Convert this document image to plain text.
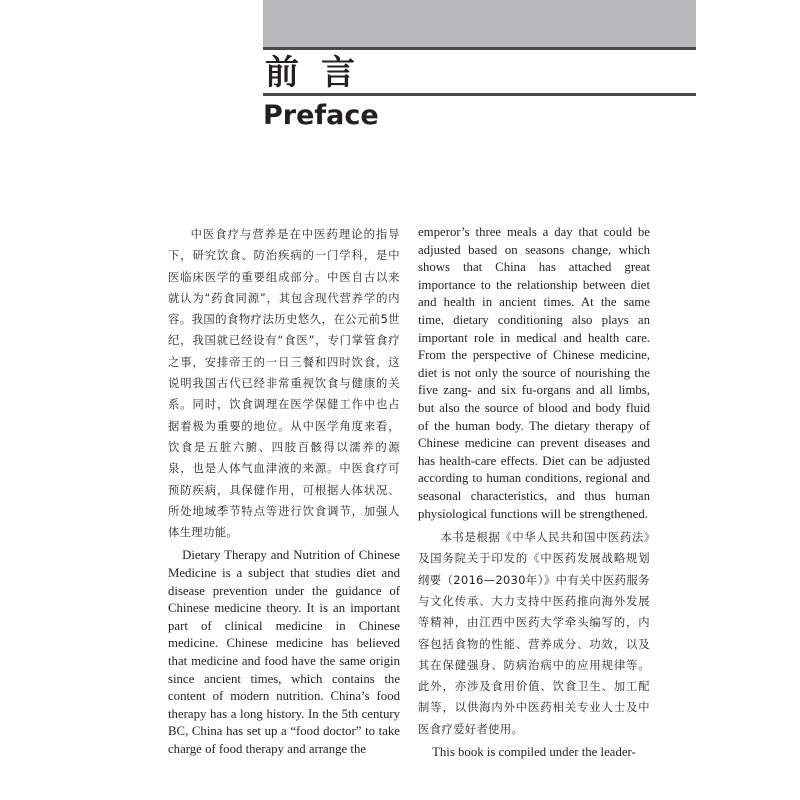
前言
Preface

中医食疗与营养是在中医药理论的指导下，研究饮食、防治疾病的一门学科，是中医临床医学的重要组成部分。中医自古以来就认为“药食同源”，其包含现代营养学的内容。我国的食物疗法历史悠久，在公元前5世纪，我国就已经设有“食医”，专门掌管食疗之事，安排帝王的一日三餐和四时饮食，这说明我国古代已经非常重视饮食与健康的关系。同时，饮食调理在医学保健工作中也占据着极为重要的地位。从中医学角度来看，饮食是五脏六腑、四肢百骸得以濡养的源泉，也是人体气血津液的来源。中医食疗可预防疾病，具保健作用，可根据人体状况、所处地域季节特点等进行饮食调节，加强人体生理功能。

Dietary Therapy and Nutrition of Chinese Medicine is a subject that studies diet and disease prevention under the guidance of Chinese medicine theory. It is an important part of clinical medicine in Chinese medicine. Chinese medicine has believed that medicine and food have the same origin since ancient times, which contains the content of modern nutrition. China’s food therapy has a long history. In the 5th century BC, China has set up a “food doctor” to take charge of food therapy and arrange the

emperor’s three meals a day that could be adjusted based on seasons change, which shows that China has attached great importance to the relationship between diet and health in ancient times. At the same time, dietary conditioning also plays an important role in medical and health care. From the perspective of Chinese medicine, diet is not only the source of nourishing the five zang- and six fu-organs and all limbs, but also the source of blood and body fluid of the human body. The dietary therapy of Chinese medicine can prevent diseases and has health-care effects. Diet can be adjusted according to human conditions, regional and seasonal characteristics, and thus human physiological functions will be strengthened.

本书是根据《中华人民共和国中医药法》及国务院关于印发的《中医药发展战略规划纲要（2016—2030年）》中有关中医药服务与文化传承、大力支持中医药推向海外发展等精神，由江西中医药大学牵头编写的，内容包括食物的性能、营养成分、功效，以及其在保健强身、防病治病中的应用规律等。此外，亦涉及食用价值、饮食卫生、加工配制等，以供海内外中医药相关专业人士及中医食疗爱好者使用。

This book is compiled under the leader-
